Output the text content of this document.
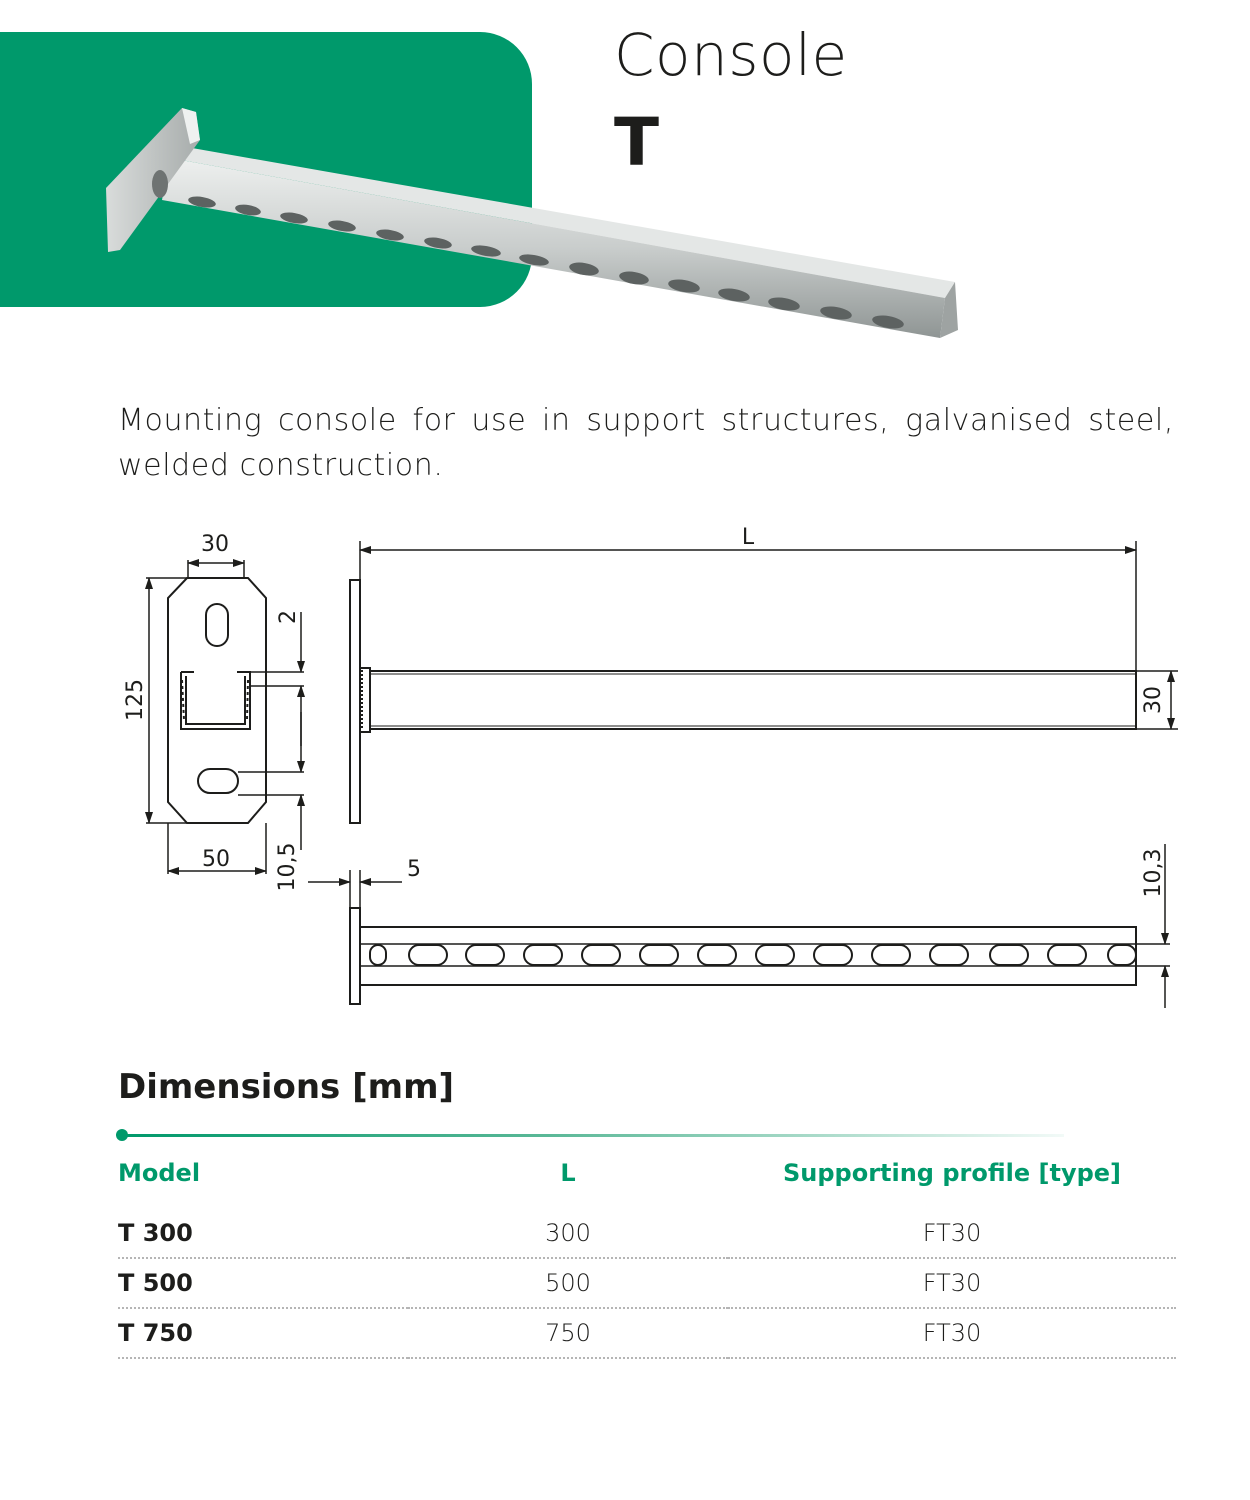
Console
T
Mounting console for use in support structures, galvanised steel, welded construction.
30
125
2
50 10,5
L
30
5	10,3
Dimensions [mm]
Model	L	Supporting profile [type]
T 300	300	FT30
T 500	500	FT30
T 750	750	FT30
